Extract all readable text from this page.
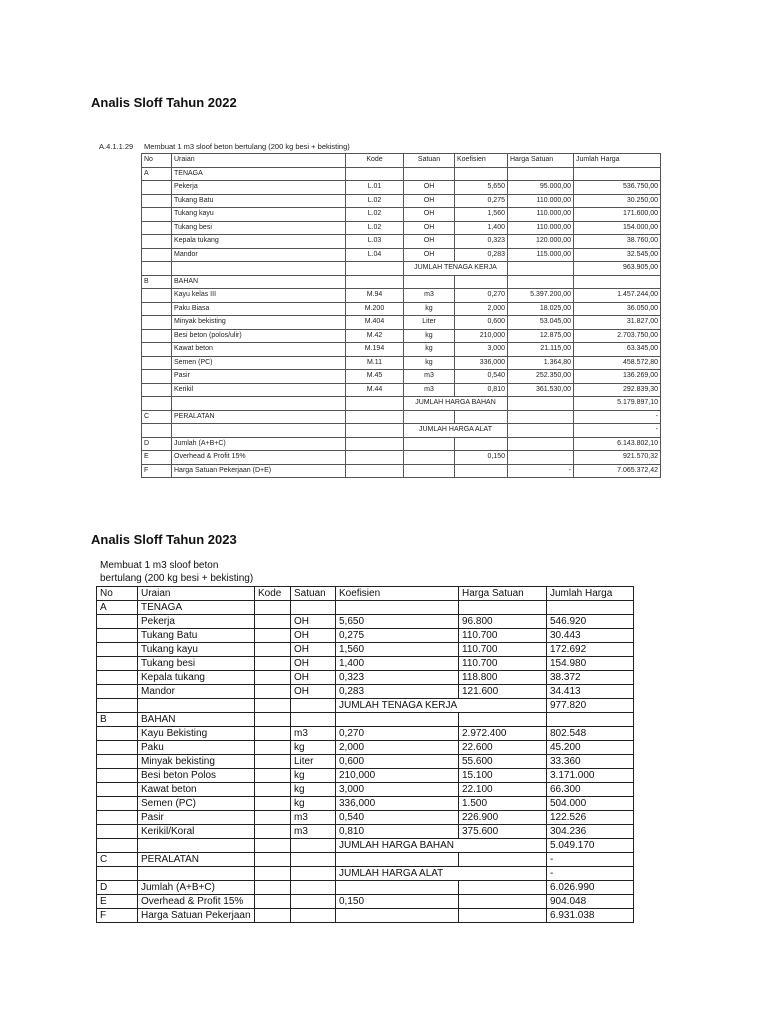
Analis Sloff Tahun 2022
A.4.1.1.29 Membuat 1 m3 sloof beton bertulang (200 kg besi + bekisting)
No	Uraian	Kode	Satuan	Koefisien	Harga Satuan	Jumlah Harga
A	TENAGA					
	Pekerja	L.01	OH	5,650	95.000,00	536.750,00
	Tukang Batu	L.02	OH	0,275	110.000,00	30.250,00
	Tukang kayu	L.02	OH	1,560	110.000,00	171.600,00
	Tukang besi	L.02	OH	1,400	110.000,00	154.000,00
	Kepala tukang	L.03	OH	0,323	120.000,00	38.760,00
	Mandor	L.04	OH	0,283	115.000,00	32.545,00
			JUMLAH TENAGA KERJA			963.905,00
B	BAHAN					
	Kayu kelas III	M.94	m3	0,270	5.397.200,00	1.457.244,00
	Paku Biasa	M.200	kg	2,000	18.025,00	36.050,00
	Minyak bekisting	M.404	Liter	0,600	53.045,00	31.827,00
	Besi beton (polos/ulir)	M.42	kg	210,000	12.875,00	2.703.750,00
	Kawat beton	M.194	kg	3,000	21.115,00	63.345,00
	Semen (PC)	M.11	kg	336,000	1.364,80	458.572,80
	Pasir	M.45	m3	0,540	252.350,00	136.269,00
	Kerikil	M.44	m3	0,810	361.530,00	292.839,30
			JUMLAH HARGA BAHAN			5.179.897,10
C	PERALATAN					-
			JUMLAH HARGA ALAT			-
D	Jumlah (A+B+C)					6.143.802,10
E	Overhead & Profit 15%			0,150		921.570,32
F	Harga Satuan Pekerjaan (D+E)				-	7.065.372,42
Analis Sloff Tahun 2023
Membuat 1 m3 sloof beton
bertulang (200 kg besi + bekisting)
No	Uraian	Kode	Satuan	Koefisien	Harga Satuan	Jumlah Harga
A	TENAGA					
	Pekerja		OH	5,650	96.800	546.920
	Tukang Batu		OH	0,275	110.700	30.443
	Tukang kayu		OH	1,560	110.700	172.692
	Tukang besi		OH	1,400	110.700	154.980
	Kepala tukang		OH	0,323	118.800	38.372
	Mandor		OH	0,283	121.600	34.413
				JUMLAH TENAGA KERJA		977.820
B	BAHAN					
	Kayu Bekisting		m3	0,270	2.972.400	802.548
	Paku		kg	2,000	22.600	45.200
	Minyak bekisting		Liter	0,600	55.600	33.360
	Besi beton Polos		kg	210,000	15.100	3.171.000
	Kawat beton		kg	3,000	22.100	66.300
	Semen (PC)		kg	336,000	1.500	504.000
	Pasir		m3	0,540	226.900	122.526
	Kerikil/Koral		m3	0,810	375.600	304.236
				JUMLAH HARGA BAHAN		5.049.170
C	PERALATAN					-
				JUMLAH HARGA ALAT		-
D	Jumlah (A+B+C)					6.026.990
E	Overhead & Profit 15%			0,150		904.048
F	Harga Satuan Pekerjaan					6.931.038
